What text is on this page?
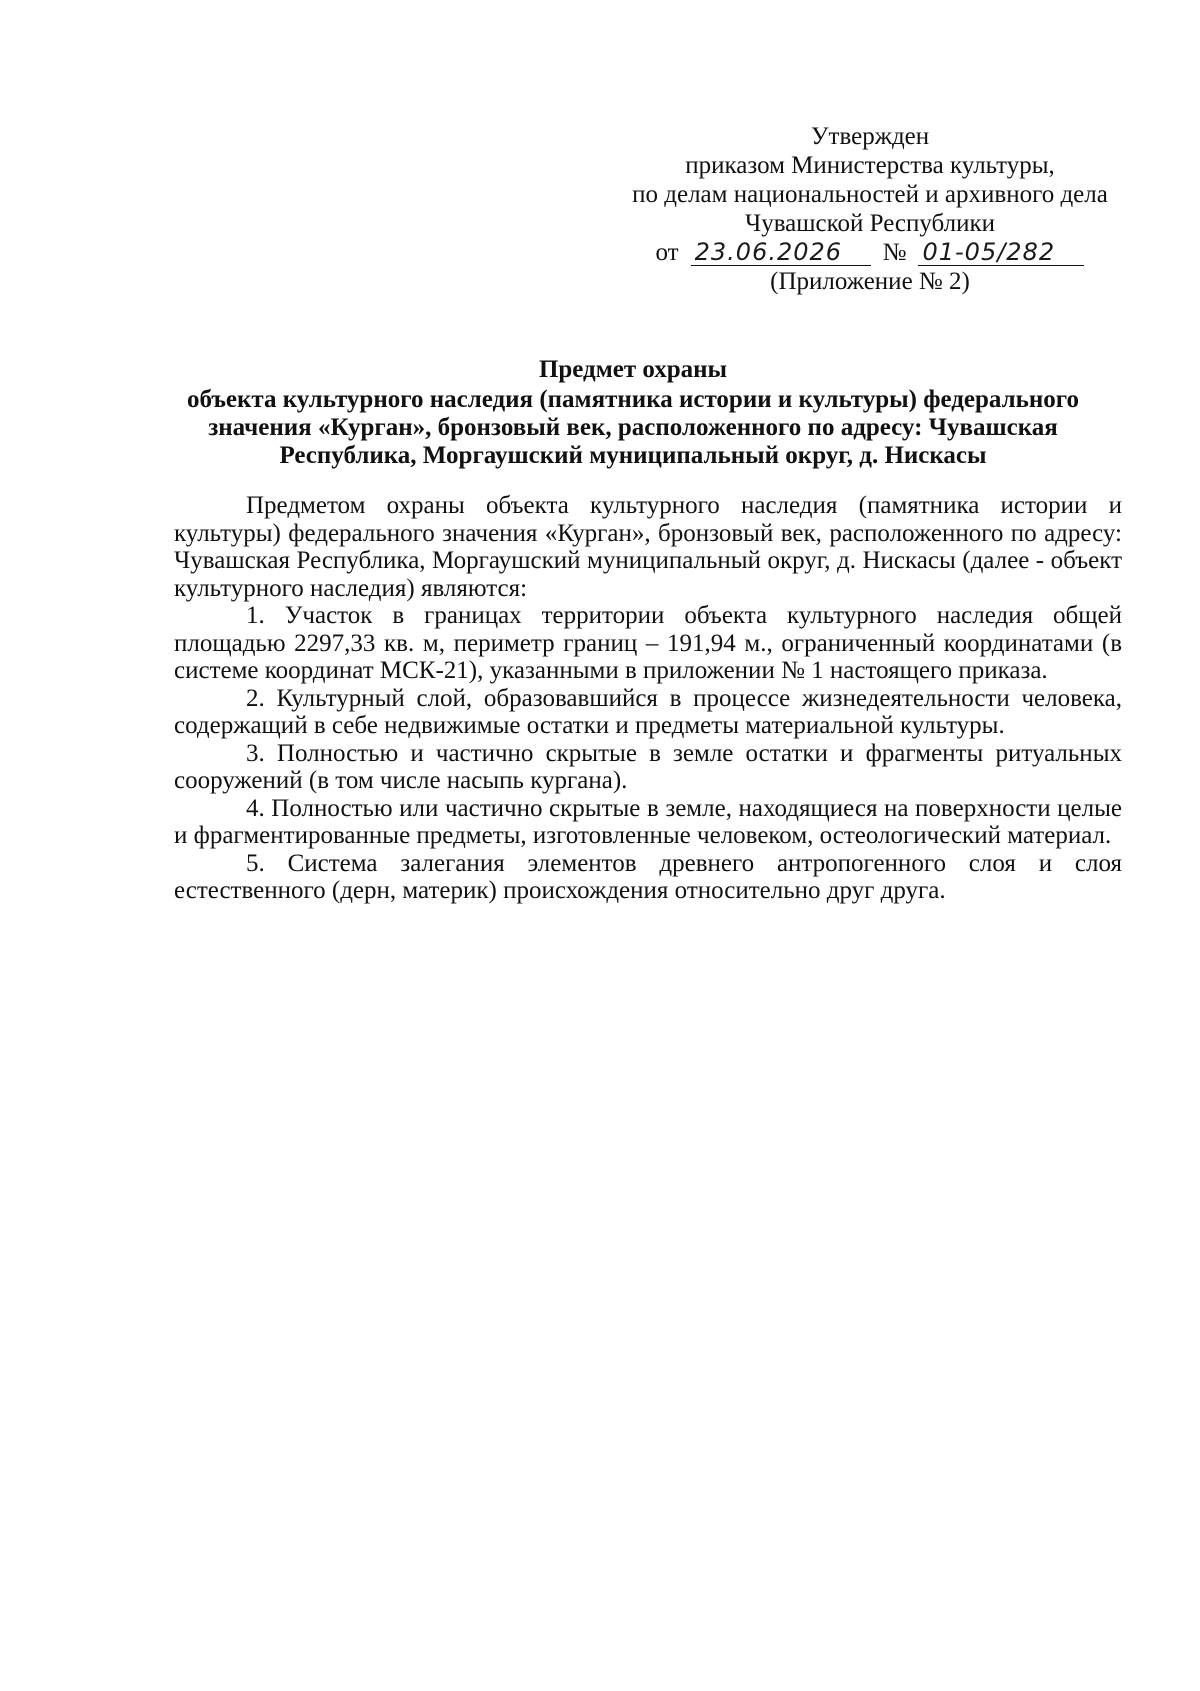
Утвержден
приказом Министерства культуры,
по делам национальностей и архивного дела
Чувашской Республики
от 23.06.2026	№ 01-05/282
(Приложение № 2)
Предмет охраны
объекта культурного наследия (памятника истории и культуры) федерального значения «Курган», бронзовый век, расположенного по адресу: Чувашская Республика, Моргаушский муниципальный округ, д. Нискасы

Предметом охраны объекта культурного наследия (памятника истории и культуры) федерального значения «Курган», бронзовый век, расположенного по адресу: Чувашская Республика, Моргаушский муниципальный округ, д. Нискасы (далее - объект культурного наследия) являются:

1. Участок в границах территории объекта культурного наследия общей площадью 2297,33 кв. м, периметр границ – 191,94 м., ограниченный координатами (в системе координат МСК-21), указанными в приложении № 1 настоящего приказа.

2. Культурный слой, образовавшийся в процессе жизнедеятельности человека, содержащий в себе недвижимые остатки и предметы материальной культуры.

3. Полностью и частично скрытые в земле остатки и фрагменты ритуальных сооружений (в том числе насыпь кургана).

4. Полностью или частично скрытые в земле, находящиеся на поверхности целые и фрагментированные предметы, изготовленные человеком, остеологический материал.

5. Система залегания элементов древнего антропогенного слоя и слоя естественного (дерн, материк) происхождения относительно друг друга.
